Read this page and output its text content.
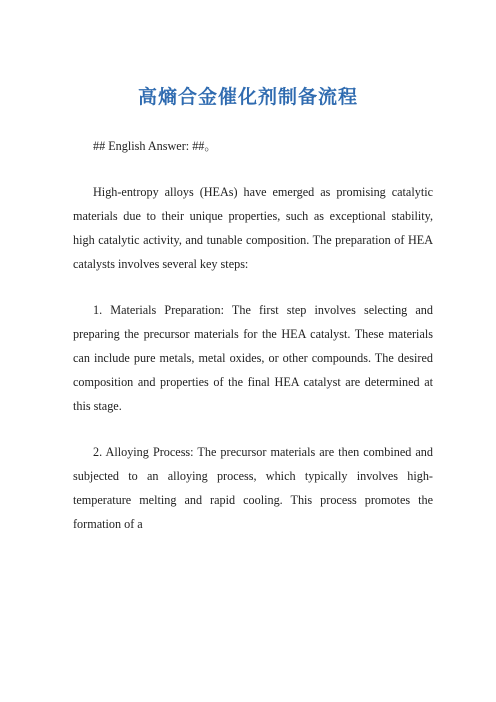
高熵合金催化剂制备流程

## English Answer: ##。

High-entropy alloys (HEAs) have emerged as promising catalytic materials due to their unique properties, such as exceptional stability, high catalytic activity, and tunable composition. The preparation of HEA catalysts involves several key steps:

1. Materials Preparation: The first step involves selecting and preparing the precursor materials for the HEA catalyst. These materials can include pure metals, metal oxides, or other compounds. The desired composition and properties of the final HEA catalyst are determined at this stage.

2. Alloying Process: The precursor materials are then combined and subjected to an alloying process, which typically involves high-temperature melting and rapid cooling. This process promotes the formation of a
